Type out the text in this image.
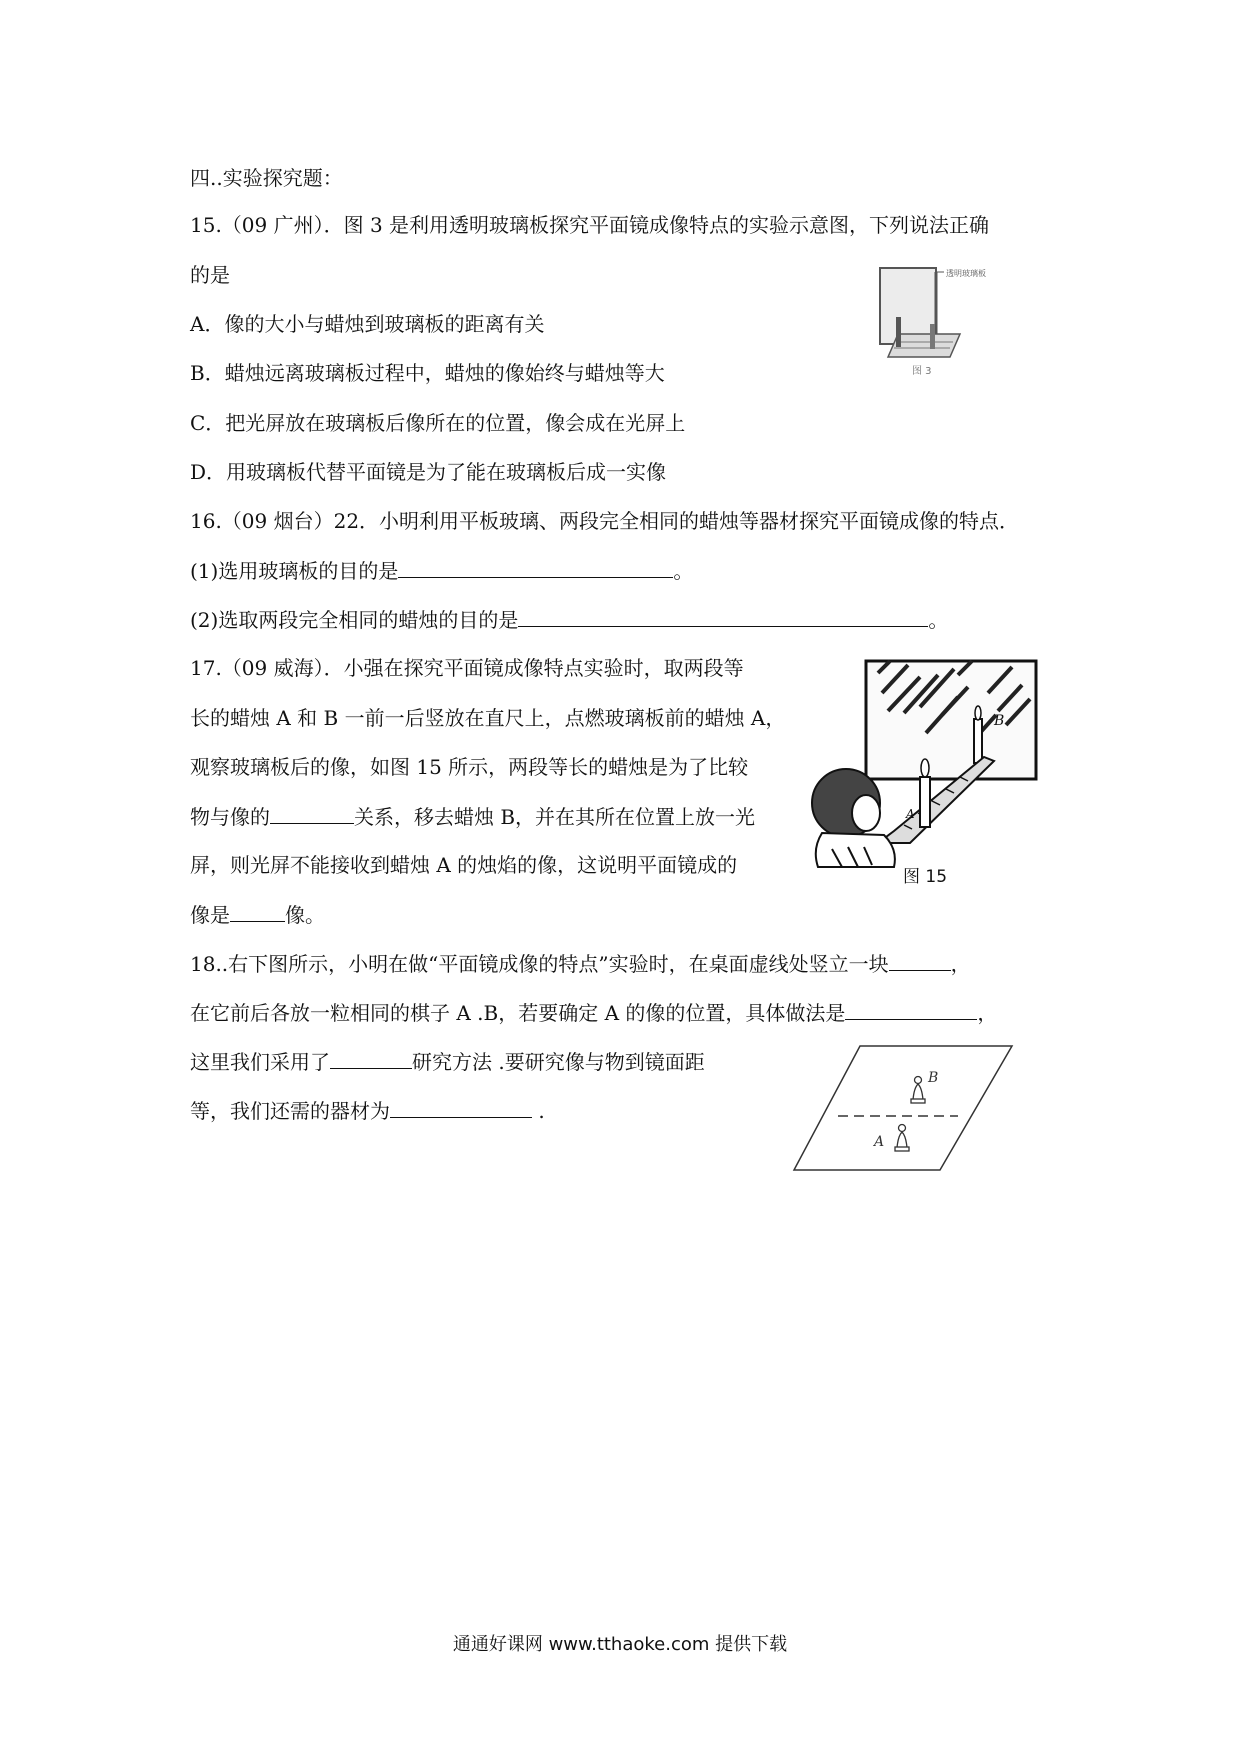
四..实验探究题：
15.（09 广州）．图 3 是利用透明玻璃板探究平面镜成像特点的实验示意图，下列说法正确
的是
A．像的大小与蜡烛到玻璃板的距离有关
B．蜡烛远离玻璃板过程中，蜡烛的像始终与蜡烛等大
C．把光屏放在玻璃板后像所在的位置，像会成在光屏上
D．用玻璃板代替平面镜是为了能在玻璃板后成一实像
透明玻璃板
图 3
16.（09 烟台）22．小明利用平板玻璃、两段完全相同的蜡烛等器材探究平面镜成像的特点．
(1)选用玻璃板的目的是	。
(2)选取两段完全相同的蜡烛的目的是	。
17.（09 威海）．小强在探究平面镜成像特点实验时，取两段等
长的蜡烛 A 和 B 一前一后竖放在直尺上，点燃玻璃板前的蜡烛 A，
观察玻璃板后的像，如图 15 所示，两段等长的蜡烛是为了比较
物与像的	关系，移去蜡烛 B，并在其所在位置上放一光
屏，则光屏不能接收到蜡烛 A 的烛焰的像，这说明平面镜成的
像是	像。
B
A
图 15
18..右下图所示，小明在做“平面镜成像的特点”实验时，在桌面虚线处竖立一块	，
在它前后各放一粒相同的棋子 A .B，若要确定 A 的像的位置，具体做法是	，
这里我们采用了	研究方法 .要研究像与物到镜面距
等，我们还需的器材为	.
B
A
通通好课网 www.tthaoke.com 提供下载
